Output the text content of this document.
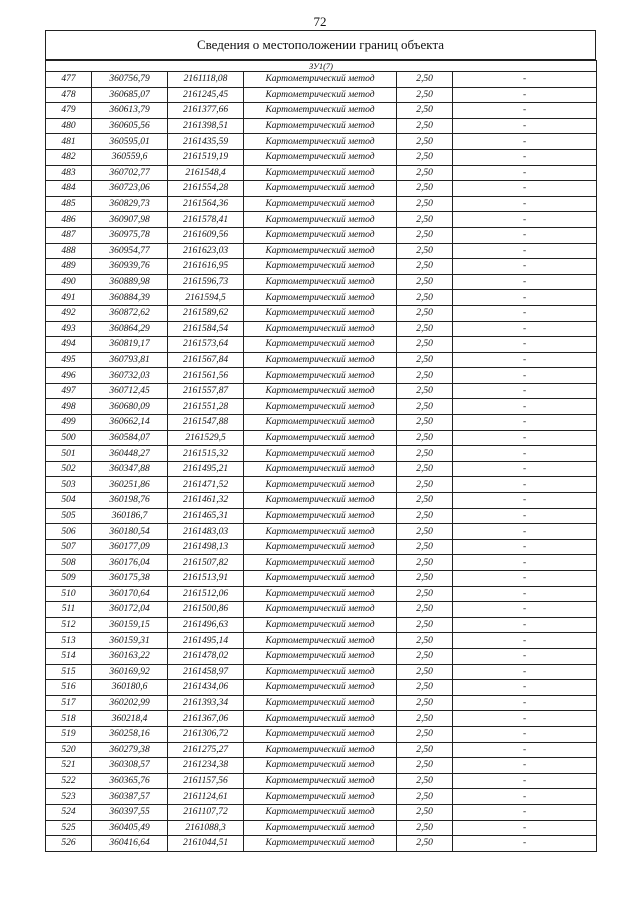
72
Сведения о местоположении границ объекта
ЗУ1(7)					
477	360756,79	2161118,08	Картометрический метод	2,50	-
478	360685,07	2161245,45	Картометрический метод	2,50	-
479	360613,79	2161377,66	Картометрический метод	2,50	-
480	360605,56	2161398,51	Картометрический метод	2,50	-
481	360595,01	2161435,59	Картометрический метод	2,50	-
482	360559,6	2161519,19	Картометрический метод	2,50	-
483	360702,77	2161548,4	Картометрический метод	2,50	-
484	360723,06	2161554,28	Картометрический метод	2,50	-
485	360829,73	2161564,36	Картометрический метод	2,50	-
486	360907,98	2161578,41	Картометрический метод	2,50	-
487	360975,78	2161609,56	Картометрический метод	2,50	-
488	360954,77	2161623,03	Картометрический метод	2,50	-
489	360939,76	2161616,95	Картометрический метод	2,50	-
490	360889,98	2161596,73	Картометрический метод	2,50	-
491	360884,39	2161594,5	Картометрический метод	2,50	-
492	360872,62	2161589,62	Картометрический метод	2,50	-
493	360864,29	2161584,54	Картометрический метод	2,50	-
494	360819,17	2161573,64	Картометрический метод	2,50	-
495	360793,81	2161567,84	Картометрический метод	2,50	-
496	360732,03	2161561,56	Картометрический метод	2,50	-
497	360712,45	2161557,87	Картометрический метод	2,50	-
498	360680,09	2161551,28	Картометрический метод	2,50	-
499	360662,14	2161547,88	Картометрический метод	2,50	-
500	360584,07	2161529,5	Картометрический метод	2,50	-
501	360448,27	2161515,32	Картометрический метод	2,50	-
502	360347,88	2161495,21	Картометрический метод	2,50	-
503	360251,86	2161471,52	Картометрический метод	2,50	-
504	360198,76	2161461,32	Картометрический метод	2,50	-
505	360186,7	2161465,31	Картометрический метод	2,50	-
506	360180,54	2161483,03	Картометрический метод	2,50	-
507	360177,09	2161498,13	Картометрический метод	2,50	-
508	360176,04	2161507,82	Картометрический метод	2,50	-
509	360175,38	2161513,91	Картометрический метод	2,50	-
510	360170,64	2161512,06	Картометрический метод	2,50	-
511	360172,04	2161500,86	Картометрический метод	2,50	-
512	360159,15	2161496,63	Картометрический метод	2,50	-
513	360159,31	2161495,14	Картометрический метод	2,50	-
514	360163,22	2161478,02	Картометрический метод	2,50	-
515	360169,92	2161458,97	Картометрический метод	2,50	-
516	360180,6	2161434,06	Картометрический метод	2,50	-
517	360202,99	2161393,34	Картометрический метод	2,50	-
518	360218,4	2161367,06	Картометрический метод	2,50	-
519	360258,16	2161306,72	Картометрический метод	2,50	-
520	360279,38	2161275,27	Картометрический метод	2,50	-
521	360308,57	2161234,38	Картометрический метод	2,50	-
522	360365,76	2161157,56	Картометрический метод	2,50	-
523	360387,57	2161124,61	Картометрический метод	2,50	-
524	360397,55	2161107,72	Картометрический метод	2,50	-
525	360405,49	2161088,3	Картометрический метод	2,50	-
526	360416,64	2161044,51	Картометрический метод	2,50	-
